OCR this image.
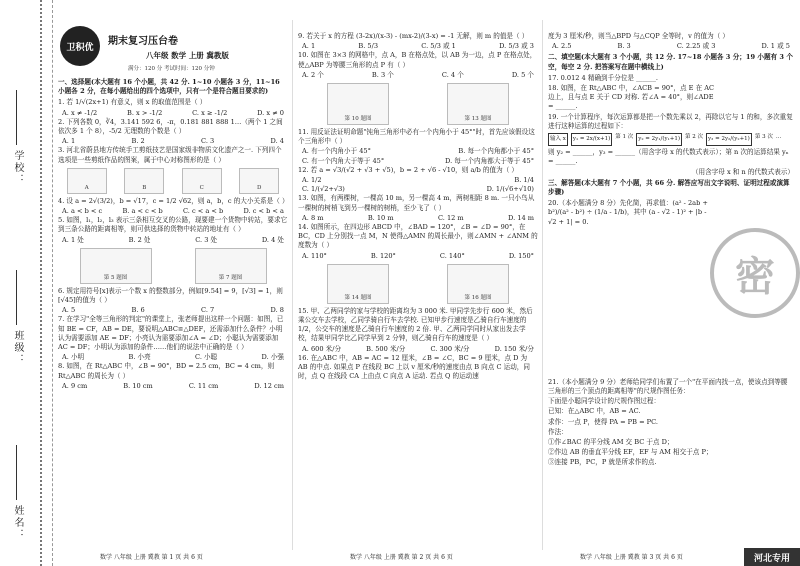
学校：
班级：
姓名：
卫积优
期末复习压台卷
八年级 数学 上册 冀教版
满分：120 分 考试时间：120 分钟
一、选择题(本大题有 16 个小题，共 42 分. 1~10 小题各 3 分，11~16 小题各 2 分，在每小题给出的四个选项中，只有一个是符合题目要求的)
1. 若 1/√(2x+1) 有意义，则 x 的取值范围是（ ）
A. x ≠ -1/2	B. x > -1/2	C. x ≥ -1/2	D. x ≠ 0
2. 下列各数 0，∛4，3.141 592 6，-π，0.181 881 888 1…（两个 1 之间依次多 1 个 8），-5/2 无理数的个数是（ ）
A. 1	B. 2	C. 3	D. 4
3. 河北省蔚县地方传统手工剪纸技艺是国家级非物质文化遗产之一. 下列四个选项是一些剪纸作品的图案，属于中心对称图形的是（ ）
A	B	C	D
4. 设 a = 2√(3/2)，b = √17，c = 1/2 √62，则 a，b，c 的大小关系是（ ）
A. a < b < c	B. a < c < b	C. c < a < b	D. c < b < a
5. 如图，l₁，l₂，l₃ 表示三条相互交叉的公路，现要建一个货物中转站，要求它到三条公路的距离相等，则可供选择的货物中转站的地址有（ ）
A. 1 处	B. 2 处	C. 3 处	D. 4 处
第 5 题图	第 7 题图
6. 规定用符号[x]表示一个数 x 的整数部分，例如[9.54] = 9，[√3] = 1，则[√45]的值为（ ）
A. 5	B. 6	C. 7	D. 8
7. 在学习"全等三角形的判定"的课堂上，张老师提出这样一个问题：如图，已知 BE = CF，AB = DE，要说明△ABC≌△DEF，还需添加什么条件？小明认为需要添加 AE = DF；小亮认为需要添加∠A = ∠D；小聪认为需要添加 AC = DF；小明认为添加的条件……他们的说法中正确的是（ ）
A. 小明	B. 小亮	C. 小聪	D. 小强
8. 如图，在 Rt△ABC 中，∠B = 90°，BD = 2.5 cm，BC = 4 cm，则 Rt△ABC 的周长为（ ）
A. 9 cm	B. 10 cm	C. 11 cm	D. 12 cm
9. 若关于 x 的方程 (3-2x)/(x-3) - (mx-2)/(3-x) = -1 无解，则 m 的值是（ ）
A. 1	B. 5/3	C. 5/3 或 1	D. 5/3 或 3
10. 如图在 3×3 的网格中，点 A，B 在格点处，以 AB 为一边，点 P 在格点处，使△ABP 为等腰三角形的点 P 有（ ）
A. 2 个	B. 3 个	C. 4 个	D. 5 个
第 10 题图	第 13 题图
11. 用反证法证明命题"钝角三角形中必有一个内角小于 45°"时，首先应该假设这个三角形中（ ）
A. 有一个内角小于 45°	B. 每一个内角都小于 45°
C. 有一个内角大于等于 45°	D. 每一个内角都大于等于 45°
12. 若 a = √3/(√2 + √3 + √5)，b = 2 + √6 - √10，则 a/b 的值为（ ）
A. 1/2	B. 1/4
C. 1/(√2+√3)	D. 1/(√6+√10)
13. 如图，有两棵树，一棵高 10 m，另一棵高 4 m，两树相距 8 m. 一只小鸟从一棵树的树梢飞到另一棵树的树梢，至少飞了（ ）
A. 8 m	B. 10 m	C. 12 m	D. 14 m
14. 如图所示，在四边形 ABCD 中，∠BAD = 120°，∠B = ∠D = 90°，在 BC，CD 上分别找一点 M，N 使得△AMN 的周长最小，则∠AMN + ∠ANM 的度数为（ ）
A. 110°	B. 120°	C. 140°	D. 150°
第 14 题图	第 16 题图
15. 甲、乙两同学的家与学校的距离均为 3 000 米. 甲同学先步行 600 米，然后乘公交车去学校，乙同学骑自行车去学校. 已知甲步行速度是乙骑自行车速度的 1/2，公交车的速度是乙骑自行车速度的 2 倍. 甲、乙两同学同时从家出发去学校，结果甲同学比乙同学早到 2 分钟，则乙骑自行车的速度是（ ）
A. 600 米/分	B. 500 米/分	C. 300 米/分	D. 150 米/分
16. 在△ABC 中，AB = AC = 12 厘米，∠B = ∠C，BC = 9 厘米，点 D 为 AB 的中点. 如果点 P 在线段 BC 上以 v 厘米/秒的速度由点 B 向点 C 运动，同时，点 Q 在线段 CA 上由点 C 向点 A 运动. 若点 Q 的运动速
度为 3 厘米/秒，则当△BPD 与△CQP 全等时，v 的值为（ ）
A. 2.5	B. 3	C. 2.25 或 3	D. 1 或 5
二、填空题(本大题有 3 个小题，共 12 分. 17~18 小题各 3 分；19 小题有 3 个空，每空 2 分. 把答案写在题中横线上)
17. 0.012 4 精确到千分位是 ______.
18. 如图，在 Rt△ABC 中，∠ACB = 90°，点 E 在 AC 边上，且与点 E 关于 CD 对称. 若∠A = 40°，则∠ADE = ______.
19. 一个计算程序，每次运算都是把一个数先乘以 2，再除以它与 1 的和，多次重复进行这种运算的过程如下：
输入 x	y₁ = 2x/(x+1) 第 1 次 y₂ = 2y₁/(y₁+1) 第 2 次 y₃ = 2y₂/(y₂+1) 第 3 次 …
则 y₂ = ______，y₃ = ______（用含字母 x 的代数式表示）；第 n 次的运算结果 yₙ = ______.
（用含字母 x 和 n 的代数式表示）
三、解答题(本大题有 7 个小题，共 66 分. 解答应写出文字说明、证明过程或演算步骤)
20.（本小题满分 8 分）先化简，再求值：(a² - 2ab + b²)/(a² - b²) ÷ (1/a - 1/b)，其中 (a - √2 - 1)² + |b - √2 + 1| = 0.
21.（本小题满分 9 分）老师给同学们布置了一个"在平面内找一点，使该点到等腰三角形的三个顶点的距离相等"的尺规作图任务：
下面是小聪同学设计的尺规作图过程：
已知：在△ABC 中，AB = AC.
求作：一点 P，使得 PA = PB = PC.
作法：
①作∠BAC 的平分线 AM 交 BC 于点 D；
②作边 AB 的垂直平分线 EF，EF 与 AM 相交于点 P；
③连接 PB，PC，P 就是所求作的点.
密
数学 八年级 上册 冀教 第 1 页 共 6 页	数学 八年级 上册 冀教 第 2 页 共 6 页	数学 八年级 上册 冀教 第 3 页 共 6 页	河北专用
